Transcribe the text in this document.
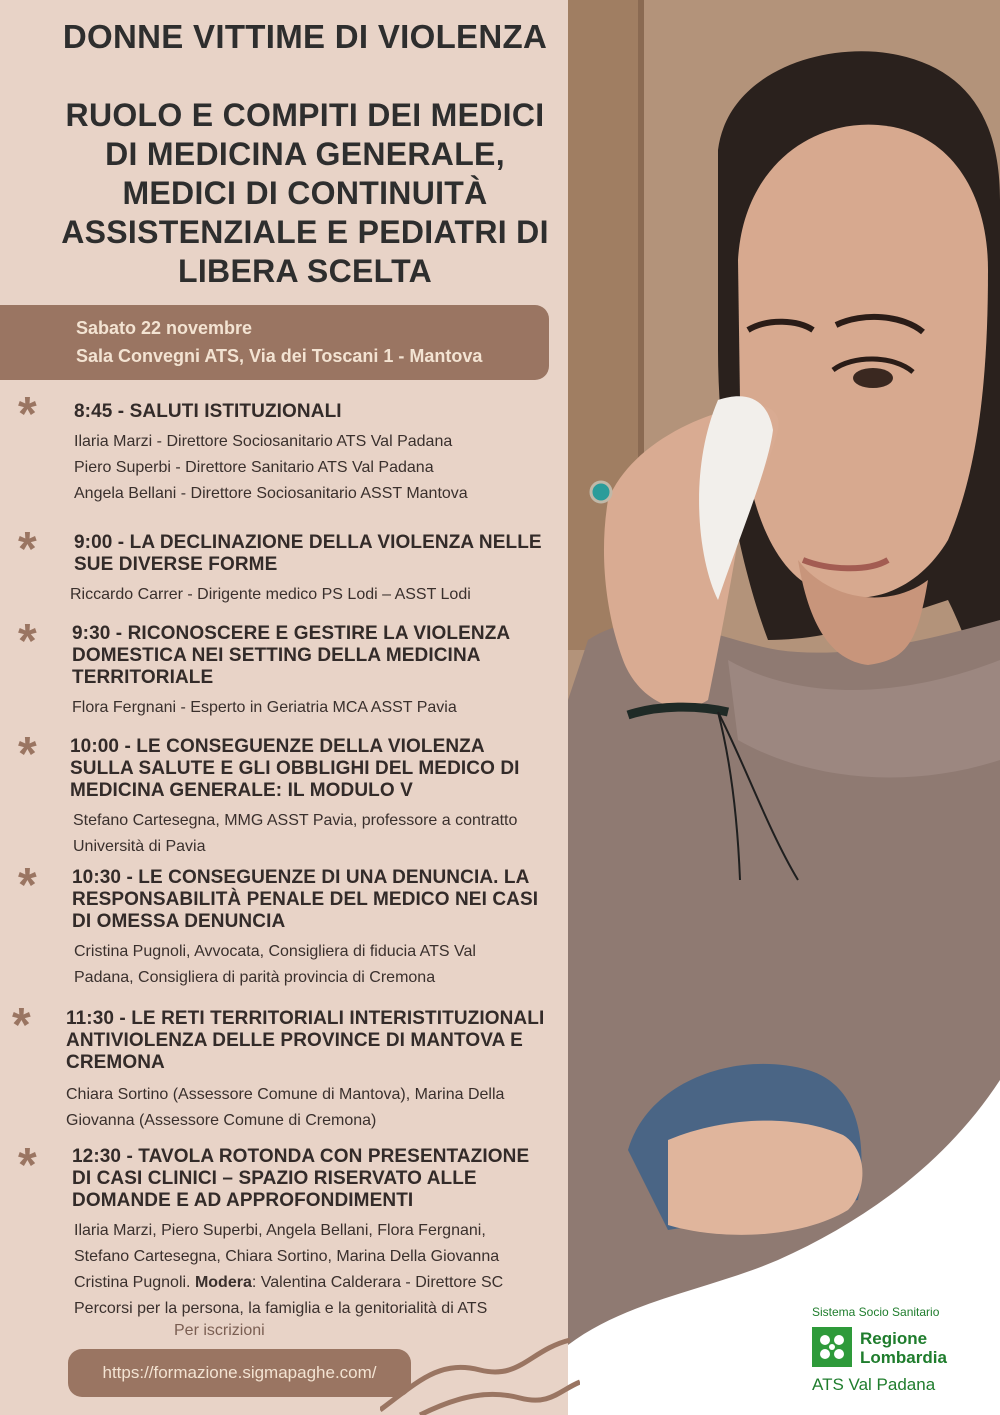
DONNE VITTIME DI VIOLENZA
RUOLO E COMPITI DEI MEDICI
DI MEDICINA GENERALE,
MEDICI DI CONTINUITÀ
ASSISTENZIALE E PEDIATRI DI
LIBERA SCELTA
Sabato 22 novembre
Sala Convegni ATS, Via dei Toscani 1 - Mantova
* 8:45 - SALUTI ISTITUZIONALI
Ilaria Marzi - Direttore Sociosanitario ATS Val Padana
Piero Superbi - Direttore Sanitario ATS Val Padana
Angela Bellani - Direttore Sociosanitario ASST Mantova
* 9:00 - LA DECLINAZIONE DELLA VIOLENZA NELLE
SUE DIVERSE FORME
Riccardo Carrer - Dirigente medico PS Lodi – ASST Lodi
* 9:30 - RICONOSCERE E GESTIRE LA VIOLENZA
DOMESTICA NEI SETTING DELLA MEDICINA
TERRITORIALE
Flora Fergnani - Esperto in Geriatria MCA ASST Pavia
* 10:00 - LE CONSEGUENZE DELLA VIOLENZA
SULLA SALUTE E GLI OBBLIGHI DEL MEDICO DI
MEDICINA GENERALE: IL MODULO V
Stefano Cartesegna, MMG ASST Pavia, professore a contratto
Università di Pavia
* 10:30 - LE CONSEGUENZE DI UNA DENUNCIA. LA
RESPONSABILITÀ PENALE DEL MEDICO NEI CASI
DI OMESSA DENUNCIA
Cristina Pugnoli, Avvocata, Consigliera di fiducia ATS Val
Padana, Consigliera di parità provincia di Cremona
* 11:30 - LE RETI TERRITORIALI INTERISTITUZIONALI
ANTIVIOLENZA DELLE PROVINCE DI MANTOVA E
CREMONA
Chiara Sortino (Assessore Comune di Mantova), Marina Della
Giovanna (Assessore Comune di Cremona)
* 12:30 - TAVOLA ROTONDA CON PRESENTAZIONE
DI CASI CLINICI – SPAZIO RISERVATO ALLE
DOMANDE E AD APPROFONDIMENTI
Ilaria Marzi, Piero Superbi, Angela Bellani, Flora Fergnani,
Stefano Cartesegna, Chiara Sortino, Marina Della Giovanna
Cristina Pugnoli. Modera: Valentina Calderara - Direttore SC
Percorsi per la persona, la famiglia e la genitorialità di ATS
Per iscrizioni
https://formazione.sigmapaghe.com/
Sistema Socio Sanitario
Regione
Lombardia
ATS Val Padana
